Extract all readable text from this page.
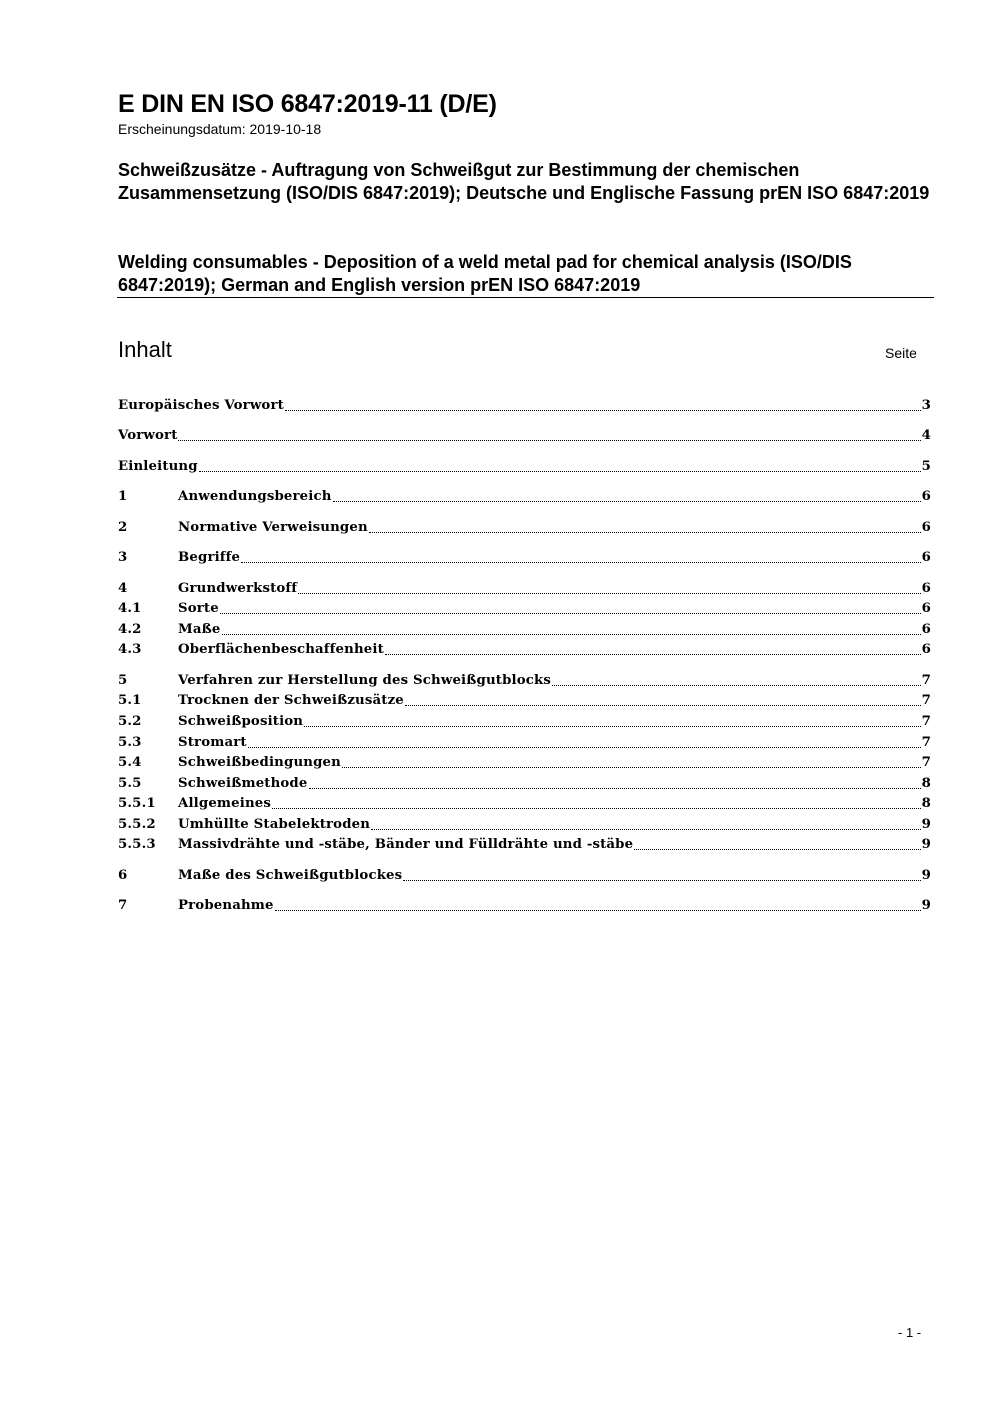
E DIN EN ISO 6847:2019-11 (D/E)
Erscheinungsdatum: 2019-10-18
Schweißzusätze - Auftragung von Schweißgut zur Bestimmung der chemischen Zusammensetzung (ISO/DIS 6847:2019); Deutsche und Englische Fassung prEN ISO 6847:2019
Welding consumables - Deposition of a weld metal pad for chemical analysis (ISO/DIS 6847:2019); German and English version prEN ISO 6847:2019
Inhalt	Seite
Europäisches Vorwort	3
Vorwort	4
Einleitung	5
1	Anwendungsbereich	6
2	Normative Verweisungen	6
3	Begriffe	6
4	Grundwerkstoff	6
4.1	Sorte	6
4.2	Maße	6
4.3	Oberflächenbeschaffenheit	6
5	Verfahren zur Herstellung des Schweißgutblocks	7
5.1	Trocknen der Schweißzusätze	7
5.2	Schweißposition	7
5.3	Stromart	7
5.4	Schweißbedingungen	7
5.5	Schweißmethode	8
5.5.1	Allgemeines	8
5.5.2	Umhüllte Stabelektroden	9
5.5.3	Massivdrähte und -stäbe, Bänder und Fülldrähte und -stäbe	9
6	Maße des Schweißgutblockes	9
7	Probenahme	9
- 1 -
